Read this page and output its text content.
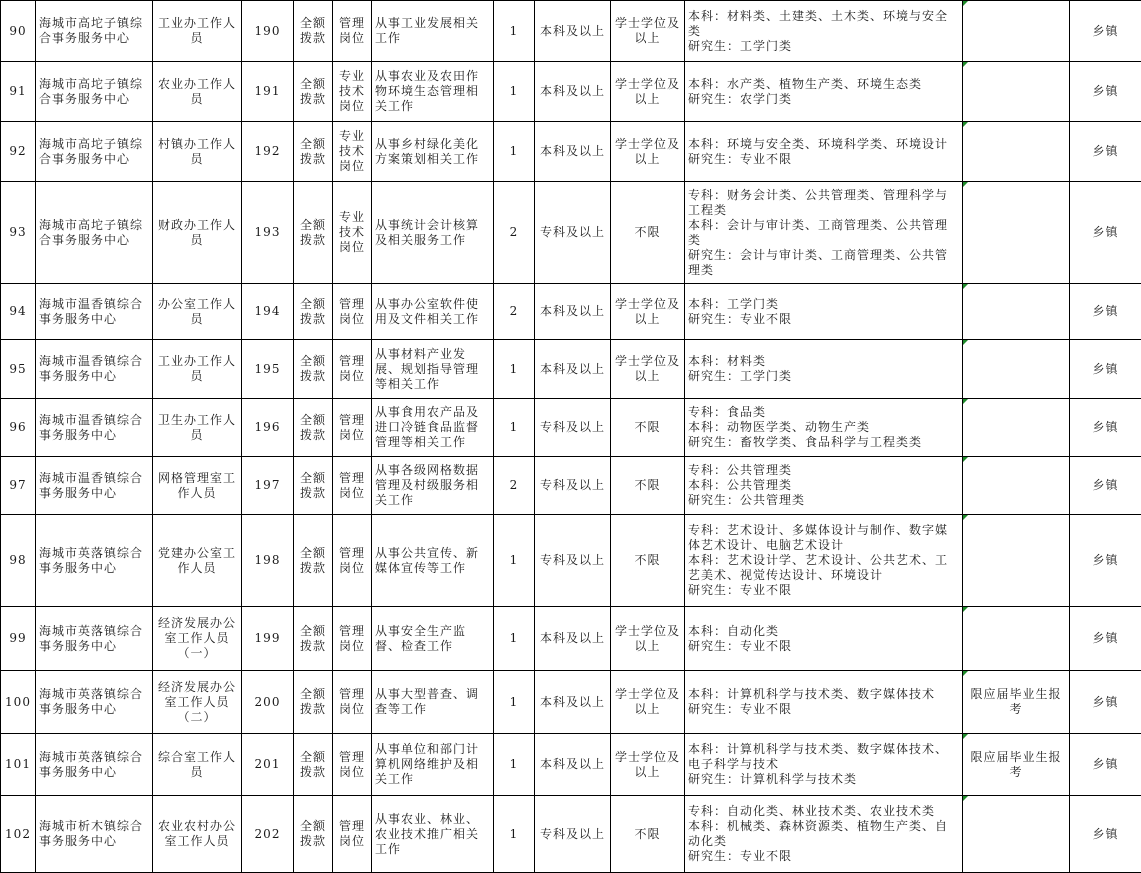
90	海城市高坨子镇综合事务服务中心	工业办工作人员	190	全额拨款	管理岗位	从事工业发展相关工作	1	本科及以上	学士学位及以上	本科：材料类、土建类、土木类、环境与安全类
研究生：工学门类		乡镇
91	海城市高坨子镇综合事务服务中心	农业办工作人员	191	全额拨款	专业技术岗位	从事农业及农田作物环境生态管理相关工作	1	本科及以上	学士学位及以上	本科：水产类、植物生产类、环境生态类
研究生：农学门类		乡镇
92	海城市高坨子镇综合事务服务中心	村镇办工作人员	192	全额拨款	专业技术岗位	从事乡村绿化美化方案策划相关工作	1	本科及以上	学士学位及以上	本科：环境与安全类、环境科学类、环境设计
研究生：专业不限		乡镇
93	海城市高坨子镇综合事务服务中心	财政办工作人员	193	全额拨款	专业技术岗位	从事统计会计核算及相关服务工作	2	专科及以上	不限	专科：财务会计类、公共管理类、管理科学与工程类
本科：会计与审计类、工商管理类、公共管理类
研究生：会计与审计类、工商管理类、公共管理类		乡镇
94	海城市温香镇综合事务服务中心	办公室工作人员	194	全额拨款	管理岗位	从事办公室软件使用及文件相关工作	2	本科及以上	学士学位及以上	本科：工学门类
研究生：专业不限		乡镇
95	海城市温香镇综合事务服务中心	工业办工作人员	195	全额拨款	管理岗位	从事材料产业发展、规划指导管理等相关工作	1	本科及以上	学士学位及以上	本科：材料类
研究生：工学门类		乡镇
96	海城市温香镇综合事务服务中心	卫生办工作人员	196	全额拨款	管理岗位	从事食用农产品及进口冷链食品监督管理等相关工作	1	专科及以上	不限	专科：食品类
本科：动物医学类、动物生产类
研究生：畜牧学类、食品科学与工程类类		乡镇
97	海城市温香镇综合事务服务中心	网格管理室工作人员	197	全额拨款	管理岗位	从事各级网格数据管理及村级服务相关工作	2	专科及以上	不限	专科：公共管理类
本科：公共管理类
研究生：公共管理类		乡镇
98	海城市英落镇综合事务服务中心	党建办公室工作人员	198	全额拨款	管理岗位	从事公共宣传、新媒体宣传等工作	1	专科及以上	不限	专科：艺术设计、多媒体设计与制作、数字媒体艺术设计、电脑艺术设计
本科：艺术设计学、艺术设计、公共艺术、工艺美术、视觉传达设计、环境设计
研究生：专业不限		乡镇
99	海城市英落镇综合事务服务中心	经济发展办公室工作人员（一）	199	全额拨款	管理岗位	从事安全生产监督、检查工作	1	本科及以上	学士学位及以上	本科：自动化类
研究生：专业不限		乡镇
100	海城市英落镇综合事务服务中心	经济发展办公室工作人员（二）	200	全额拨款	管理岗位	从事大型普查、调查等工作	1	本科及以上	学士学位及以上	本科：计算机科学与技术类、数字媒体技术
研究生：专业不限	限应届毕业生报考	乡镇
101	海城市英落镇综合事务服务中心	综合室工作人员	201	全额拨款	管理岗位	从事单位和部门计算机网络维护及相关工作	1	本科及以上	学士学位及以上	本科：计算机科学与技术类、数字媒体技术、电子科学与技术
研究生：计算机科学与技术类	限应届毕业生报考	乡镇
102	海城市析木镇综合事务服务中心	农业农村办公室工作人员	202	全额拨款	管理岗位	从事农业、林业、农业技术推广相关工作	1	专科及以上	不限	专科：自动化类、林业技术类、农业技术类
本科：机械类、森林资源类、植物生产类、自动化类
研究生：专业不限		乡镇
